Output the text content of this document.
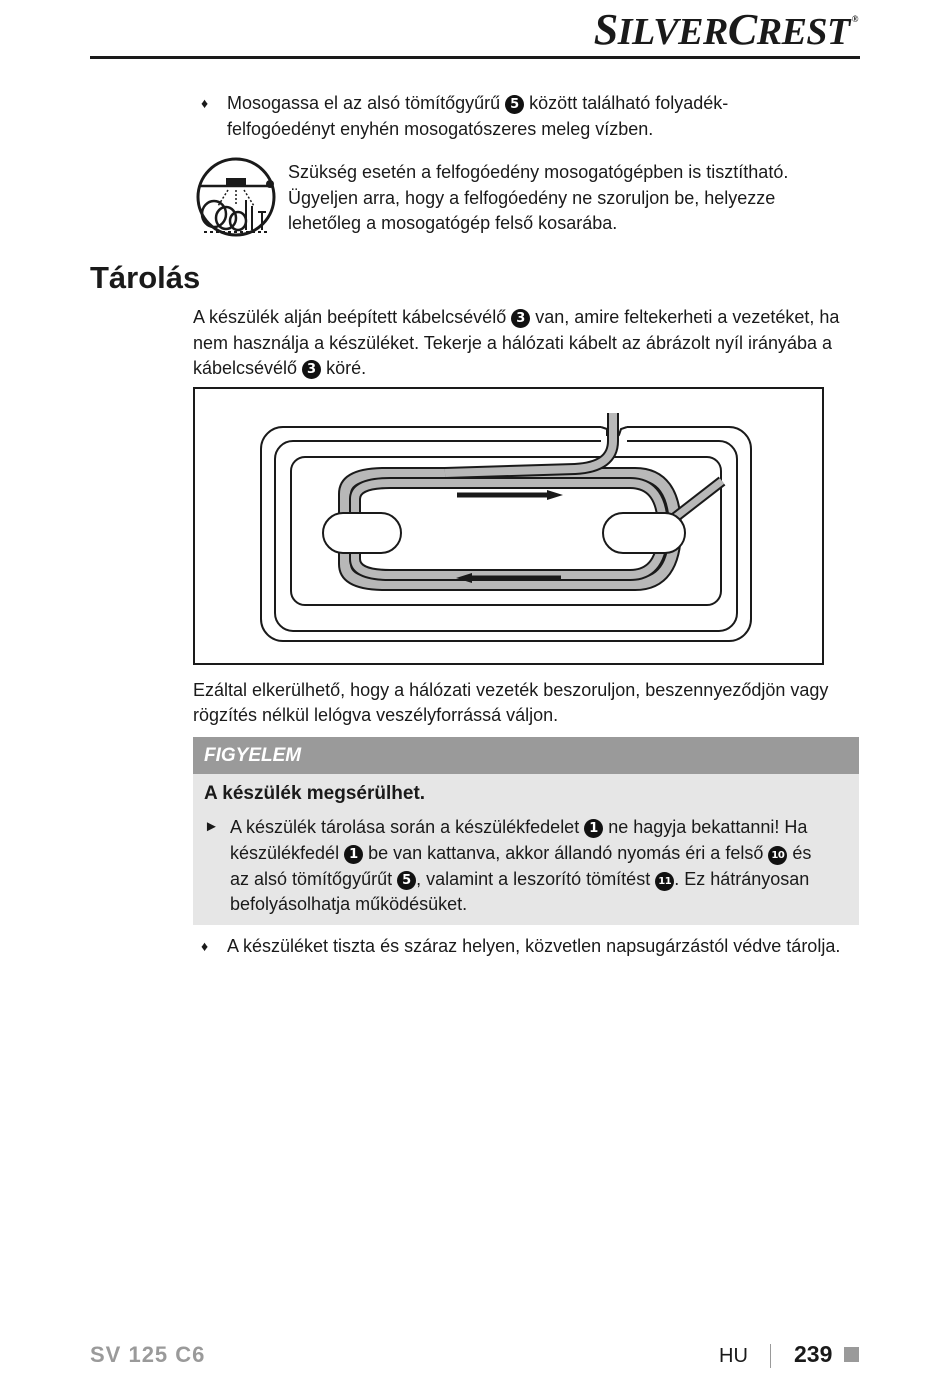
SILVERCREST ®
♦ Mosogassa el az alsó tömítőgyűrű 5 között található folyadék-
felfogóedényt enyhén mosogatószeres meleg vízben.
Szükség esetén a felfogóedény mosogatógépben is tisztítható.
Ügyeljen arra, hogy a felfogóedény ne szoruljon be, helyezze
lehetőleg a mosogatógép felső kosarába.
Tárolás
A készülék alján beépített kábelcsévélő 3 van, amire feltekerheti a vezetéket, ha
nem használja a készüléket. Tekerje a hálózati kábelt az ábrázolt nyíl irányába a
kábelcsévélő 3 köré.
Ezáltal elkerülhető, hogy a hálózati vezeték beszoruljon, beszennyeződjön vagy
rögzítés nélkül lelógva veszélyforrássá váljon.
FIGYELEM
A készülék megsérülhet.
► A készülék tárolása során a készülékfedelet 1 ne hagyja bekattanni! Ha
készülékfedél 1 be van kattanva, akkor állandó nyomás éri a felső 10 és
az alsó tömítőgyűrűt 5 , valamint a leszorító tömítést 11 . Ez hátrányosan
befolyásolhatja működésüket.
♦ A készüléket tiszta és száraz helyen, közvetlen napsugárzástól védve tárolja.
SV 125 C6	HU 239
